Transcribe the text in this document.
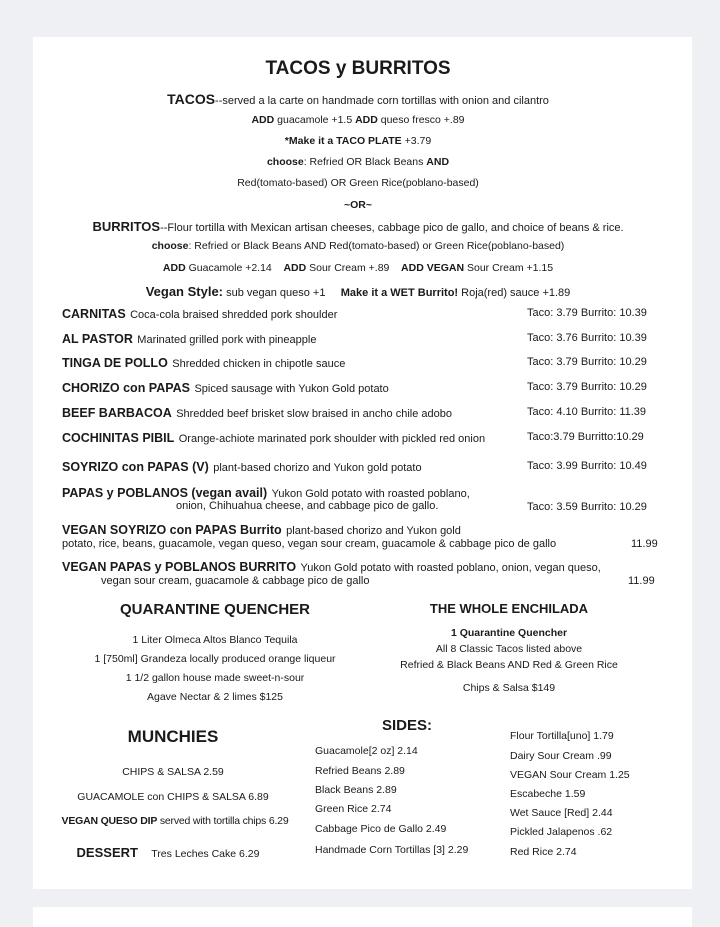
TACOS y BURRITOS
TACOS--served a la carte on handmade corn tortillas with onion and cilantro
ADD guacamole +1.5 ADD queso fresco +.89
*Make it a TACO PLATE +3.79
choose: Refried OR Black Beans AND
Red(tomato-based) OR Green Rice(poblano-based)
~OR~
BURRITOS--Flour tortilla with Mexican artisan cheeses, cabbage pico de gallo, and choice of beans & rice.
choose: Refried or Black Beans AND Red(tomato-based) or Green Rice(poblano-based)
ADD Guacamole +2.14 ADD Sour Cream +.89 ADD VEGAN Sour Cream +1.15
Vegan Style: sub vegan queso +1 Make it a WET Burrito! Roja(red) sauce +1.89
CARNITAS Coca-cola braised shredded pork shoulder	Taco: 3.79 Burrito: 10.39
AL PASTOR Marinated grilled pork with pineapple	Taco: 3.76 Burrito: 10.39
TINGA DE POLLO Shredded chicken in chipotle sauce	Taco: 3.79 Burrito: 10.29
CHORIZO con PAPAS Spiced sausage with Yukon Gold potato	Taco: 3.79 Burrito: 10.29
BEEF BARBACOA Shredded beef brisket slow braised in ancho chile adobo	Taco: 4.10 Burrito: 11.39
COCHINITAS PIBIL Orange-achiote marinated pork shoulder with pickled red onion	Taco:3.79 Burritto:10.29
SOYRIZO con PAPAS (V) plant-based chorizo and Yukon gold potato	Taco: 3.99 Burrito: 10.49
PAPAS y POBLANOS (vegan avail) Yukon Gold potato with roasted poblano,
onion, Chihuahua cheese, and cabbage pico de gallo.	Taco: 3.59 Burrito: 10.29
VEGAN SOYRIZO con PAPAS Burrito plant-based chorizo and Yukon gold
potato, rice, beans, guacamole, vegan queso, vegan sour cream, guacamole & cabbage pico de gallo	11.99
VEGAN PAPAS y POBLANOS BURRITO Yukon Gold potato with roasted poblano, onion, vegan queso,
vegan sour cream, guacamole & cabbage pico de gallo	11.99
QUARANTINE QUENCHER
1 Liter Olmeca Altos Blanco Tequila
1 [750ml] Grandeza locally produced orange liqueur
1 1/2 gallon house made sweet-n-sour
Agave Nectar & 2 limes $125
THE WHOLE ENCHILADA
1 Quarantine Quencher
All 8 Classic Tacos listed above
Refried & Black Beans AND Red & Green Rice
Chips & Salsa $149
MUNCHIES
CHIPS & SALSA 2.59
GUACAMOLE con CHIPS & SALSA 6.89
VEGAN QUESO DIP served with tortilla chips 6.29
DESSERT Tres Leches Cake 6.29
SIDES:
Guacamole[2 oz] 2.14
Refried Beans 2.89
Black Beans 2.89
Green Rice 2.74
Cabbage Pico de Gallo 2.49
Handmade Corn Tortillas [3] 2.29
Flour Tortilla[uno] 1.79
Dairy Sour Cream .99
VEGAN Sour Cream 1.25
Escabeche 1.59
Wet Sauce [Red] 2.44
Pickled Jalapenos .62
Red Rice 2.74
